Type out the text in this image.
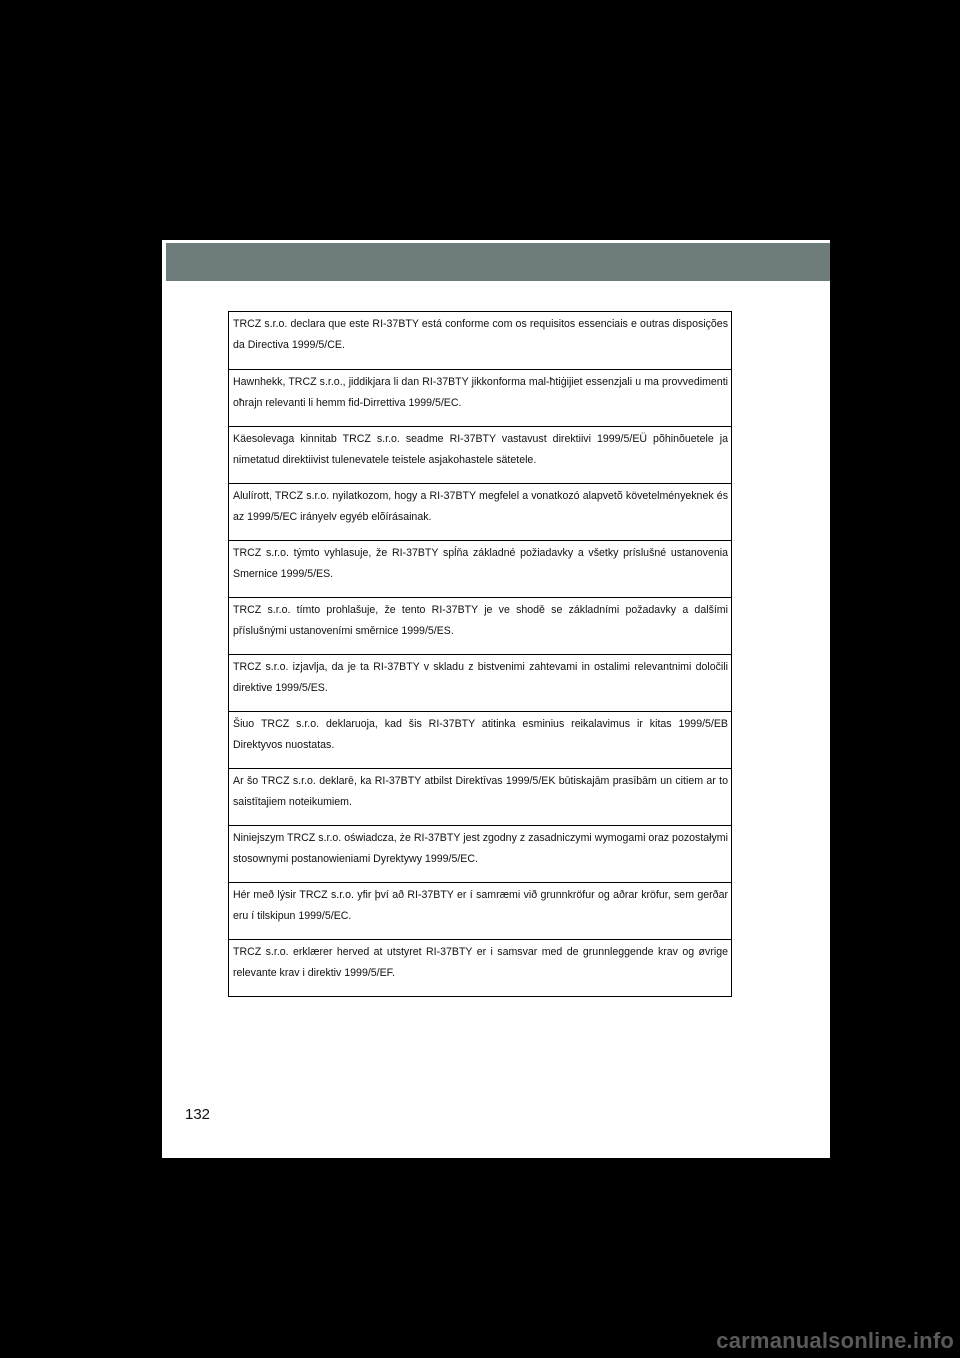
TRCZ s.r.o. declara que este RI-37BTY está conforme com os requisitos essenciais e outras disposições da Directiva 1999/5/CE.

Hawnhekk, TRCZ s.r.o., jiddikjara li dan RI-37BTY jikkonforma mal-ħtiġijiet essenzjali u ma provvedimenti oħrajn relevanti li hemm fid-Dirrettiva 1999/5/EC.

Käesolevaga kinnitab TRCZ s.r.o. seadme RI-37BTY vastavust direktiivi 1999/5/EÜ põhinõuetele ja nimetatud direktiivist tulenevatele teistele asjakohastele sätetele.

Alulírott, TRCZ s.r.o. nyilatkozom, hogy a RI-37BTY megfelel a vonatkozó alapvetõ követelményeknek és az 1999/5/EC irányelv egyéb elõírásainak.

TRCZ s.r.o. týmto vyhlasuje, že RI-37BTY spĺňa základné požiadavky a všetky príslušné ustanovenia Smernice 1999/5/ES.

TRCZ s.r.o. tímto prohlašuje, že tento RI-37BTY je ve shodě se základními požadavky a dalšími příslušnými ustanoveními směrnice 1999/5/ES.

TRCZ s.r.o. izjavlja, da je ta RI-37BTY v skladu z bistvenimi zahtevami in ostalimi relevantnimi določili direktive 1999/5/ES.

Šiuo TRCZ s.r.o. deklaruoja, kad šis RI-37BTY atitinka esminius reikalavimus ir kitas 1999/5/EB Direktyvos nuostatas.

Ar šo TRCZ s.r.o. deklarē, ka RI-37BTY atbilst Direktīvas 1999/5/EK būtiskajām prasībām un citiem ar to saistītajiem noteikumiem.

Niniejszym TRCZ s.r.o. oświadcza, że RI-37BTY jest zgodny z zasadniczymi wymogami oraz pozostałymi stosownymi postanowieniami Dyrektywy 1999/5/EC.

Hér með lýsir TRCZ s.r.o. yfir því að RI-37BTY er í samræmi við grunnkröfur og aðrar kröfur, sem gerðar eru í tilskipun 1999/5/EC.

TRCZ s.r.o. erklærer herved at utstyret RI-37BTY er i samsvar med de grunnleggende krav og øvrige relevante krav i direktiv 1999/5/EF.

132
carmanualsonline.info
